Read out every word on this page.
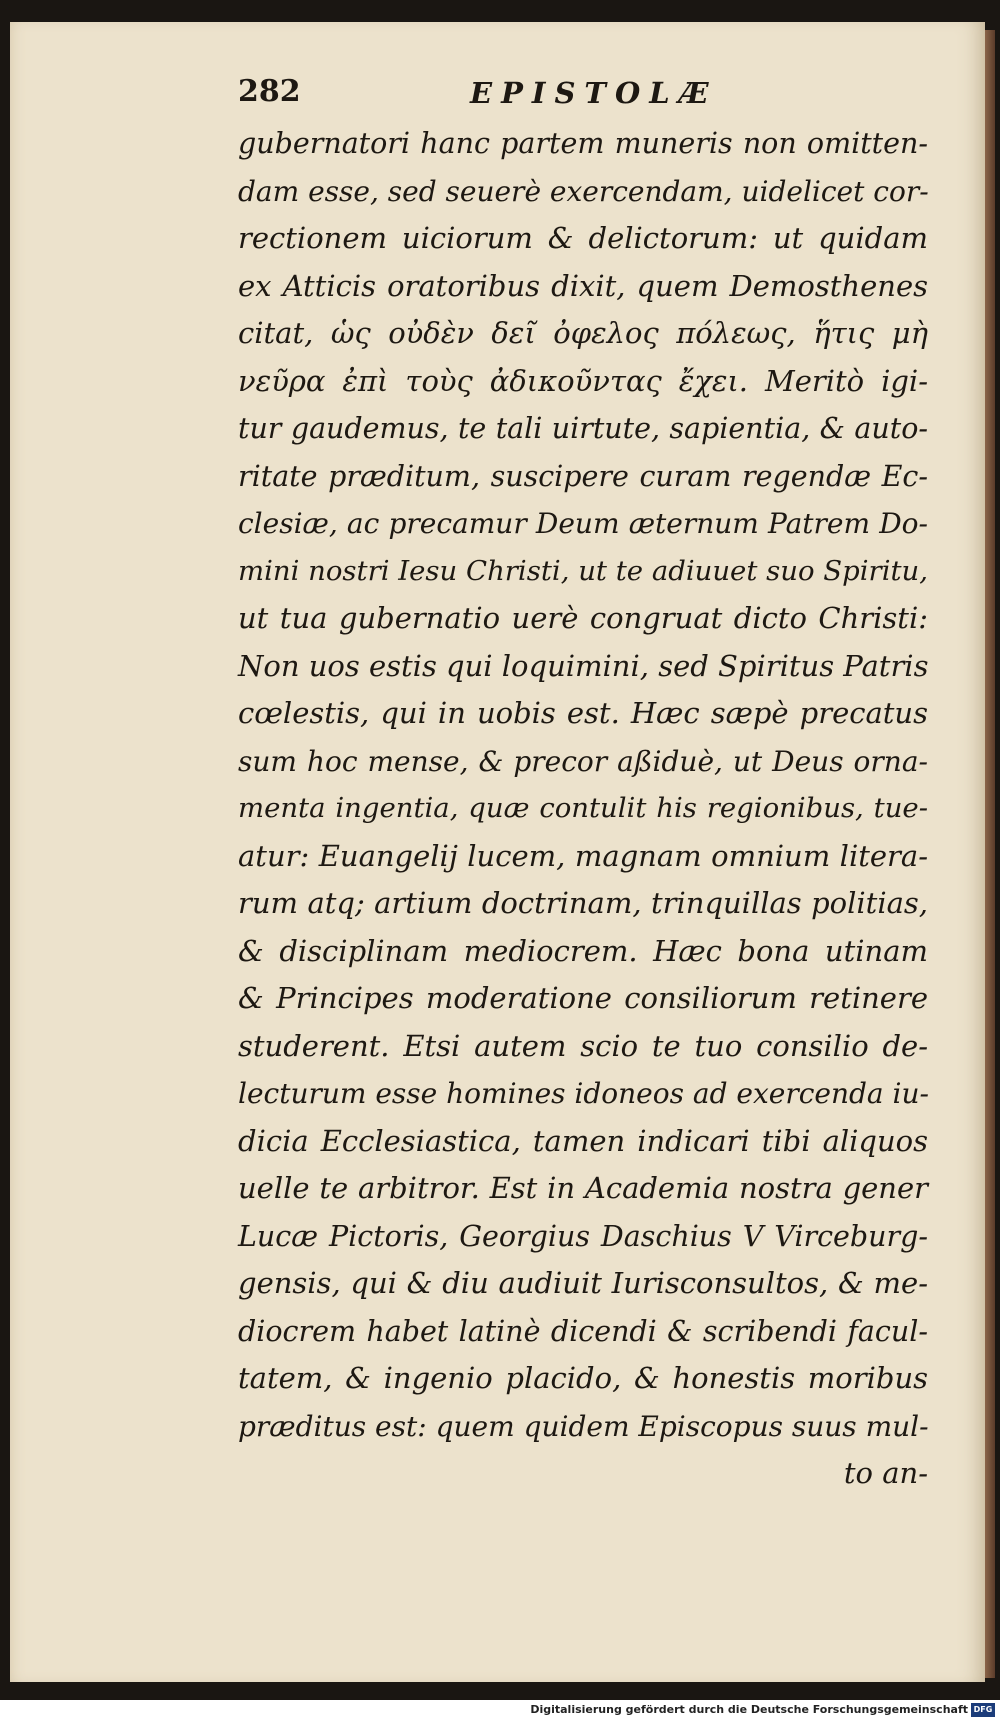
282	EPISTOLÆ
gubernatori hanc partem muneris non omitten-
dam esse, sed seuerè exercendam, uidelicet cor-
rectionem uiciorum & delictorum: ut quidam
ex Atticis oratoribus dixit, quem Demosthenes
citat, ὡς οὐδὲν δεῖ ὀφελος πόλεως, ἥτις μὴ
νεῦρα ἐπὶ τοὺς ἀδικοῦντας ἔχει. Meritò igi-
tur gaudemus, te tali uirtute, sapientia, & auto-
ritate præditum, suscipere curam regendæ Ec-
clesiæ, ac precamur Deum æternum Patrem Do-
mini nostri Iesu Christi, ut te adiuuet suo Spiritu,
ut tua gubernatio uerè congruat dicto Christi:
Non uos estis qui loquimini, sed Spiritus Patris
cœlestis, qui in uobis est. Hæc sæpè precatus
sum hoc mense, & precor aßiduè, ut Deus orna-
menta ingentia, quæ contulit his regionibus, tue-
atur: Euangelij lucem, magnam omnium litera-
rum atq; artium doctrinam, trinquillas politias,
& disciplinam mediocrem. Hæc bona utinam
& Principes moderatione consiliorum retinere
studerent. Etsi autem scio te tuo consilio de-
lecturum esse homines idoneos ad exercenda iu-
dicia Ecclesiastica, tamen indicari tibi aliquos
uelle te arbitror. Est in Academia nostra gener
Lucæ Pictoris, Georgius Daschius V Virceburg-
gensis, qui & diu audiuit Iurisconsultos, & me-
diocrem habet latinè dicendi & scribendi facul-
tatem, & ingenio placido, & honestis moribus
præditus est: quem quidem Episcopus suus mul-
to an-
Digitalisierung gefördert durch die Deutsche Forschungsgemeinschaft DFG
